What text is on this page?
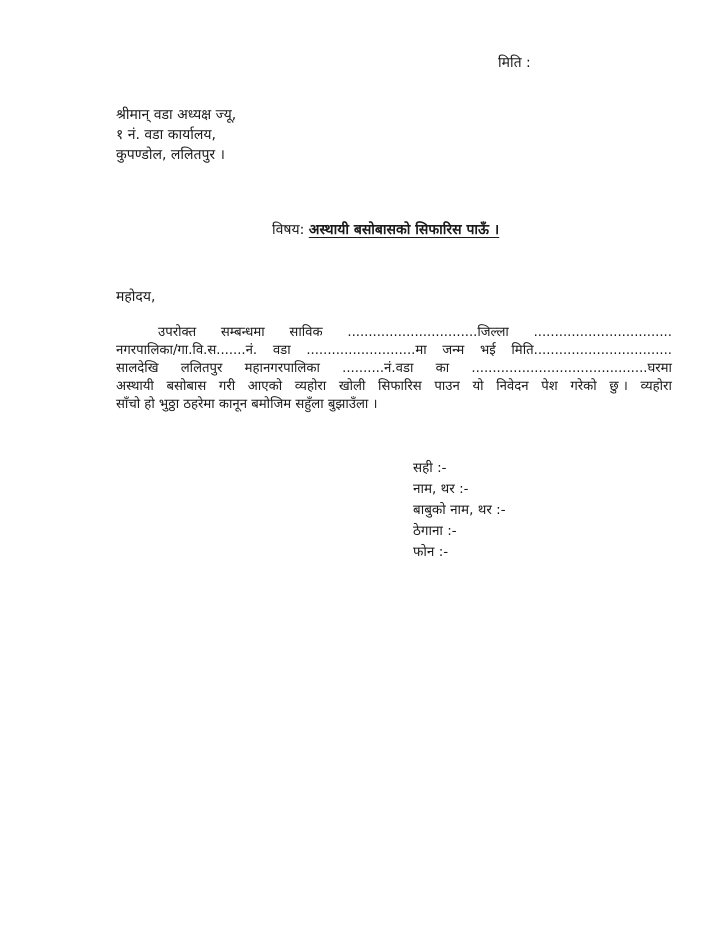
मिति :
श्रीमान् वडा अध्यक्ष ज्यू,
१ नं. वडा कार्यालय,
कुपण्डोल, ललितपुर ।
विषय: अस्थायी बसोबासको सिफारिस पाऊँ ।
महोदय,
उपरोक्त सम्बन्धमा साविक ...............................जिल्ला .................................
नगरपालिका/गा.वि.स.......नं. वडा ..........................मा जन्म भई मिति.................................
सालदेखि ललितपुर महानगरपालिका ..........नं.वडा का ..........................................घरमा
अस्थायी बसोबास गरी आएको व्यहोरा खोली सिफारिस पाउन यो निवेदन पेश गरेको छु । व्यहोरा
साँचो हो भुठ्ठा ठहरेमा कानून बमोजिम सहुँला बुझाउँला ।
सही :-
नाम, थर :-
बाबुको नाम, थर :-
ठेगाना :-
फोन :-
